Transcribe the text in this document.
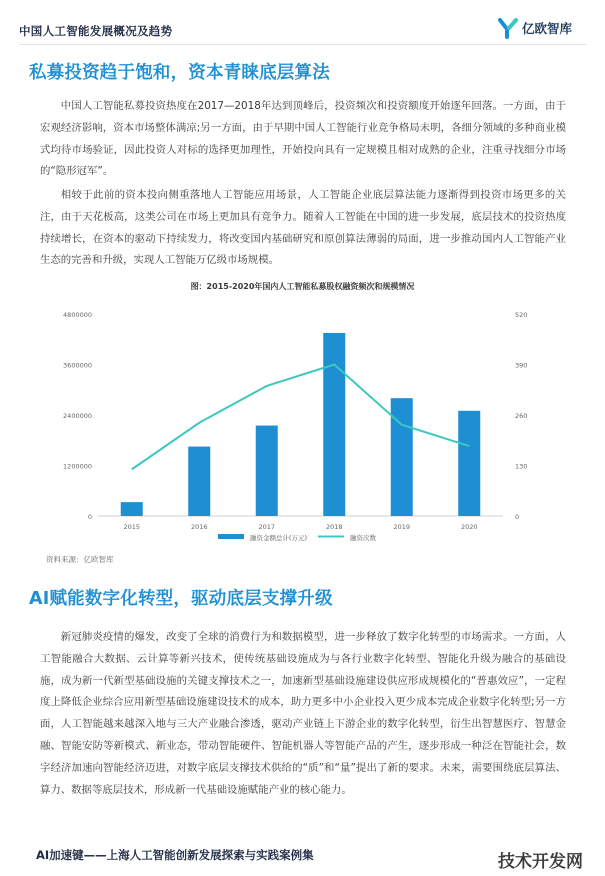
中国人工智能发展概况及趋势	亿欧智库
私募投资趋于饱和，资本青睐底层算法

中国人工智能私募投资热度在2017—2018年达到顶峰后，投资频次和投资额度开始逐年回落。一方面，由于宏观经济影响，资本市场整体满凉;另一方面，由于早期中国人工智能行业竞争格局未明，各细分领域的多种商业模式均待市场验证，因此投资人对标的选择更加理性，开始投向具有一定规模且相对成熟的企业，注重寻找细分市场的“隐形冠军”。

相较于此前的资本投向侧重落地人工智能应用场景，人工智能企业底层算法能力逐渐得到投资市场更多的关注，由于天花板高，这类公司在市场上更加具有竞争力。随着人工智能在中国的进一步发展，底层技术的投资热度持续增长，在资本的驱动下持续发力，将改变国内基础研究和原创算法薄弱的局面，进一步推动国内人工智能产业生态的完善和升级，实现人工智能万亿级市场规模。

图：2015-2020年国内人工智能私募股权融资频次和规模情况
0
1200000
2400000
3600000
4800000
0
130
260
390
520
2015	2016	2017	2018	2019	2020
融资金额总计(万元)	融资次数
资料来源：亿欧智库
AI赋能数字化转型，驱动底层支撑升级

新冠肺炎疫情的爆发，改变了全球的消费行为和数据模型，进一步释放了数字化转型的市场需求。一方面，人工智能融合大数据、云计算等新兴技术，使传统基础设施成为与各行业数字化转型、智能化升级为融合的基础设施，成为新一代新型基础设施的关键支撑技术之一，加速新型基础设施建设供应形成规模化的“普惠效应”，一定程度上降低企业综合应用新型基础设施建设技术的成本，助力更多中小企业投入更少成本完成企业数字化转型;另一方面，人工智能越来越深入地与三大产业融合渗透，驱动产业链上下游企业的数字化转型，衍生出智慧医疗、智慧金融、智能安防等新模式、新业态，带动智能硬件、智能机器人等智能产品的产生，逐步形成一种泛在智能社会，数字经济加速向智能经济迈进，对数字底层支撑技术供给的“质”和“量”提出了新的要求。未来，需要围绕底层算法、算力、数据等底层技术，形成新一代基础设施赋能产业的核心能力。

AI加速键——上海人工智能创新发展探索与实践案例集	技术开发网
